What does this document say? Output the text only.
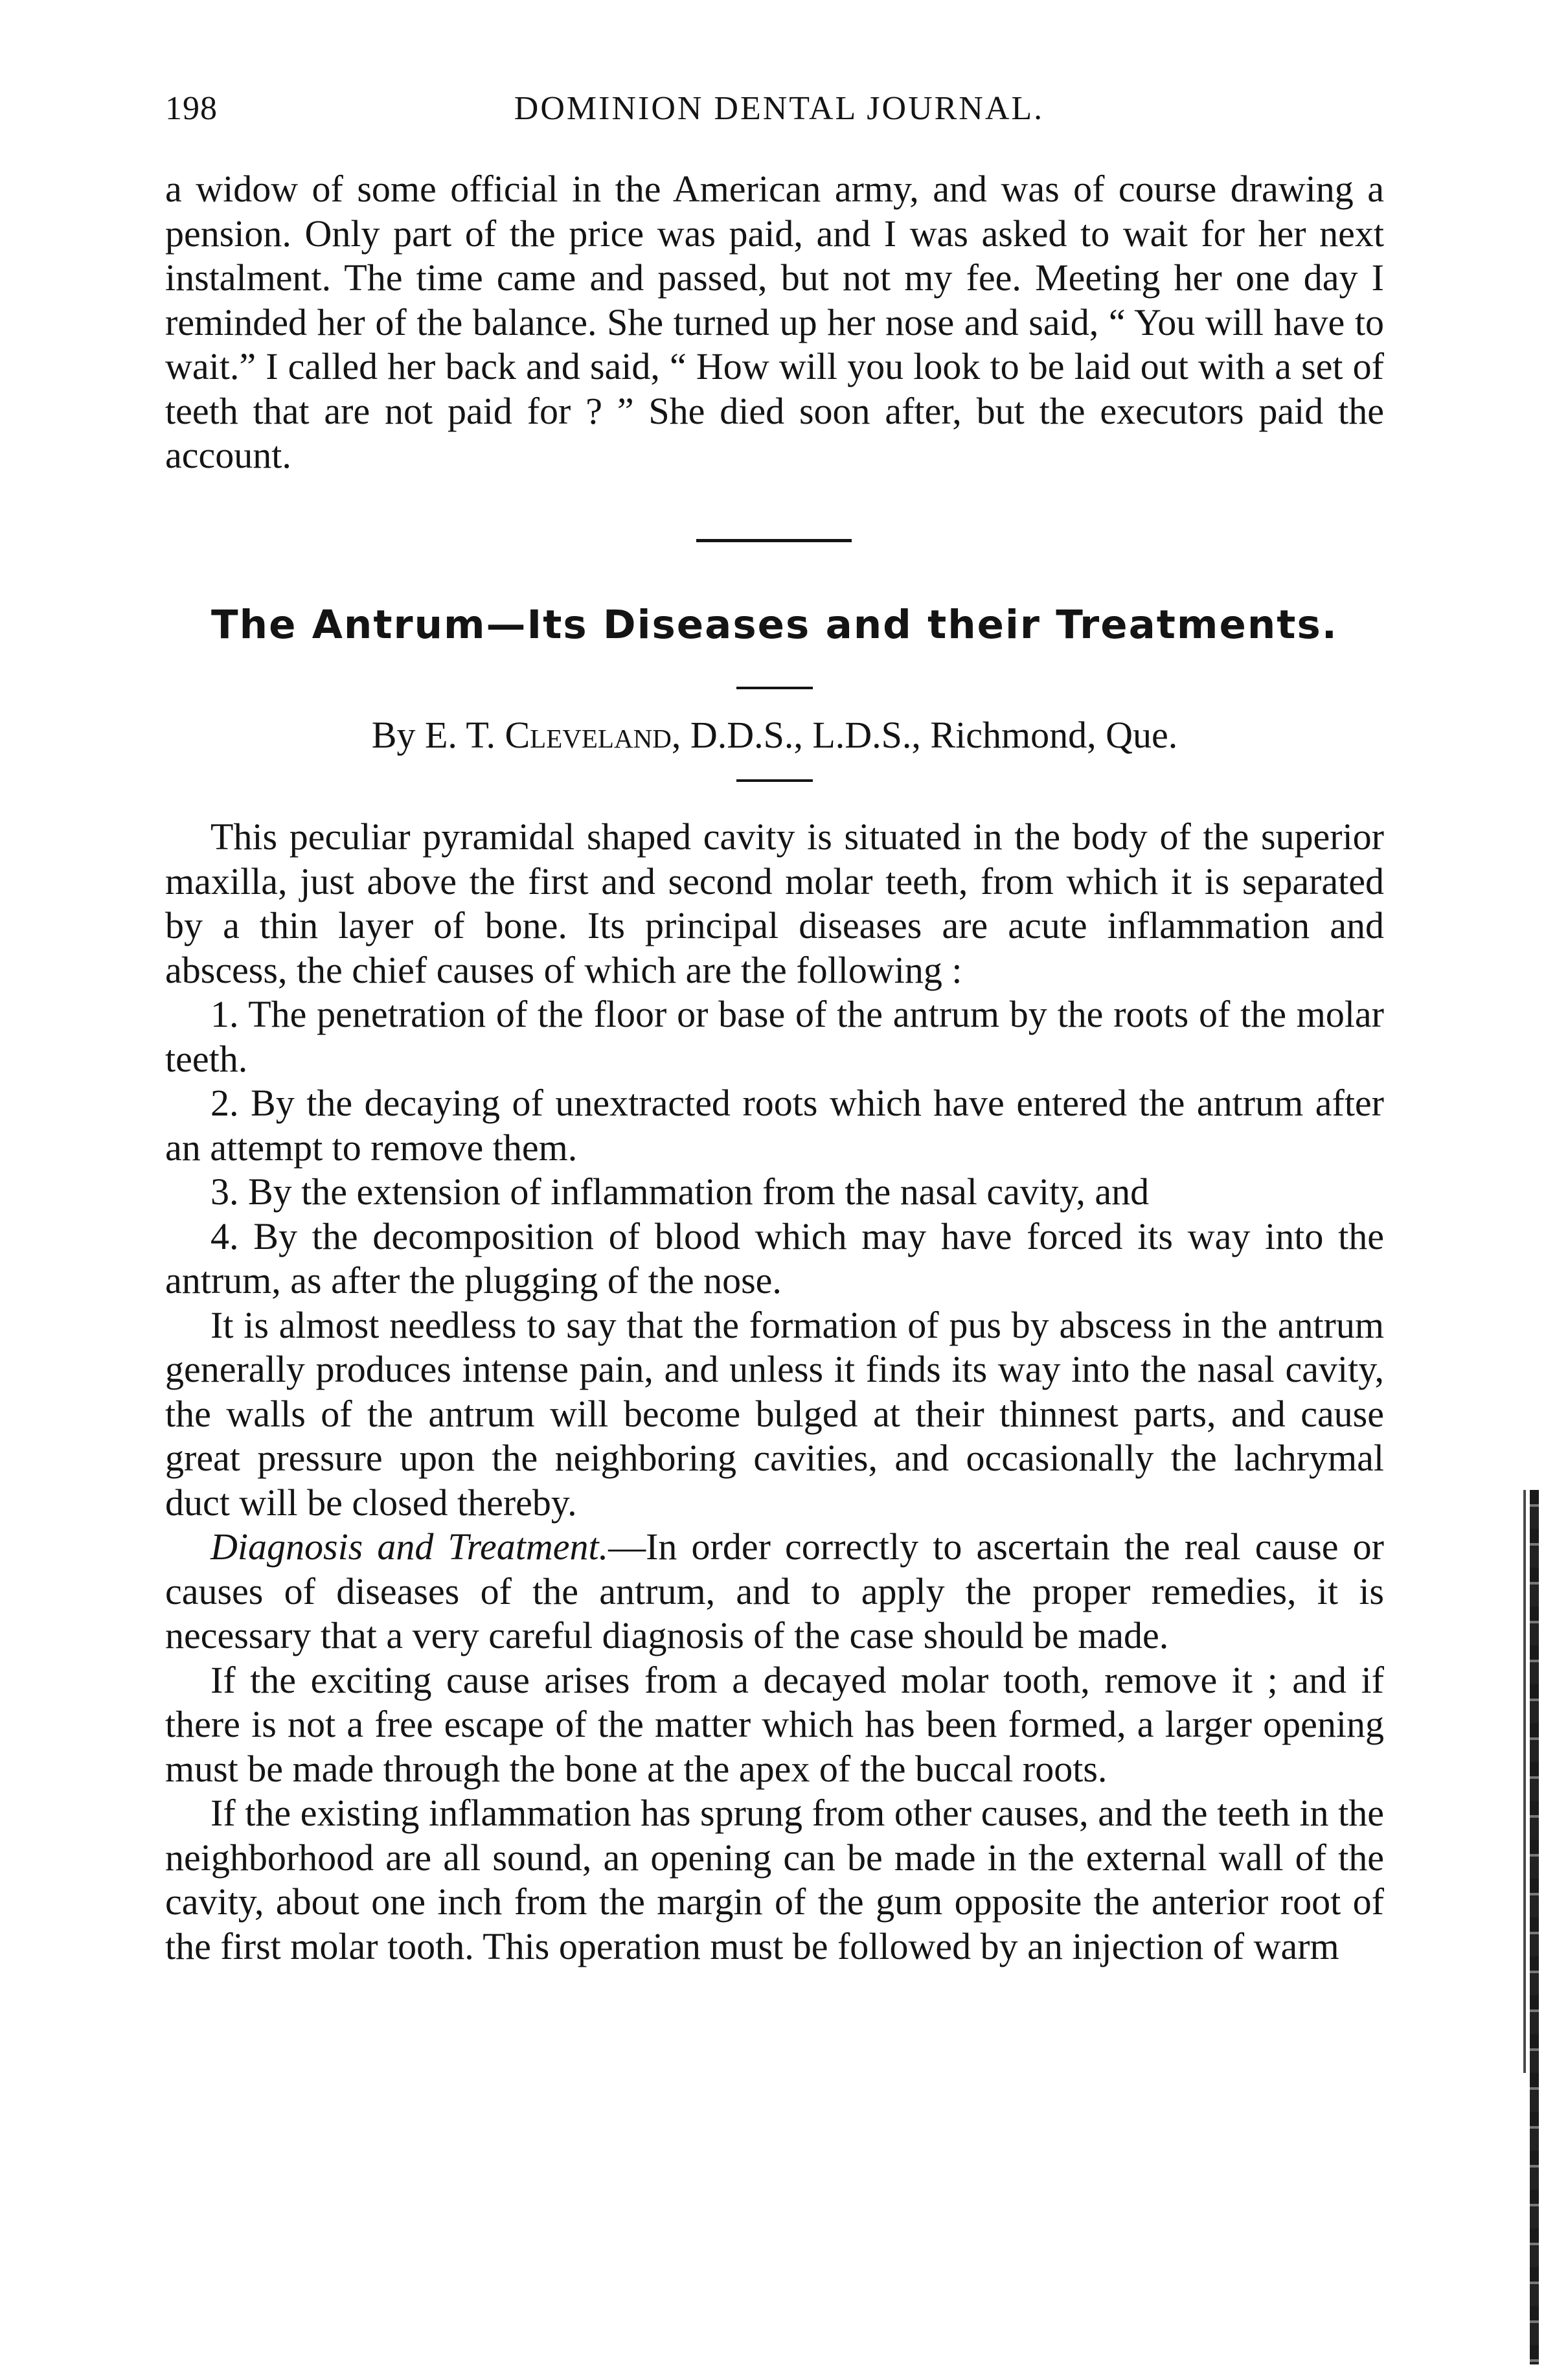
198	DOMINION DENTAL JOURNAL.

a widow of some official in the American army, and was of course drawing a pension. Only part of the price was paid, and I was asked to wait for her next instalment. The time came and passed, but not my fee. Meeting her one day I reminded her of the balance. She turned up her nose and said, “ You will have to wait.” I called her back and said, “ How will you look to be laid out with a set of teeth that are not paid for ? ” She died soon after, but the executors paid the account.

The Antrum—Its Diseases and their Treatments.
By E. T. Cleveland, D.D.S., L.D.S., Richmond, Que.

This peculiar pyramidal shaped cavity is situated in the body of the superior maxilla, just above the first and second molar teeth, from which it is separated by a thin layer of bone. Its principal diseases are acute inflammation and abscess, the chief causes of which are the following :

1. The penetration of the floor or base of the antrum by the roots of the molar teeth.

2. By the decaying of unextracted roots which have entered the antrum after an attempt to remove them.

3. By the extension of inflammation from the nasal cavity, and

4. By the decomposition of blood which may have forced its way into the antrum, as after the plugging of the nose.

It is almost needless to say that the formation of pus by abscess in the antrum generally produces intense pain, and unless it finds its way into the nasal cavity, the walls of the antrum will become bulged at their thinnest parts, and cause great pressure upon the neighboring cavities, and occasionally the lachrymal duct will be closed thereby.

Diagnosis and Treatment.—In order correctly to ascertain the real cause or causes of diseases of the antrum, and to apply the proper remedies, it is necessary that a very careful diagnosis of the case should be made.

If the exciting cause arises from a decayed molar tooth, remove it ; and if there is not a free escape of the matter which has been formed, a larger opening must be made through the bone at the apex of the buccal roots.

If the existing inflammation has sprung from other causes, and the teeth in the neighborhood are all sound, an opening can be made in the external wall of the cavity, about one inch from the margin of the gum opposite the anterior root of the first molar tooth. This operation must be followed by an injection of warm
